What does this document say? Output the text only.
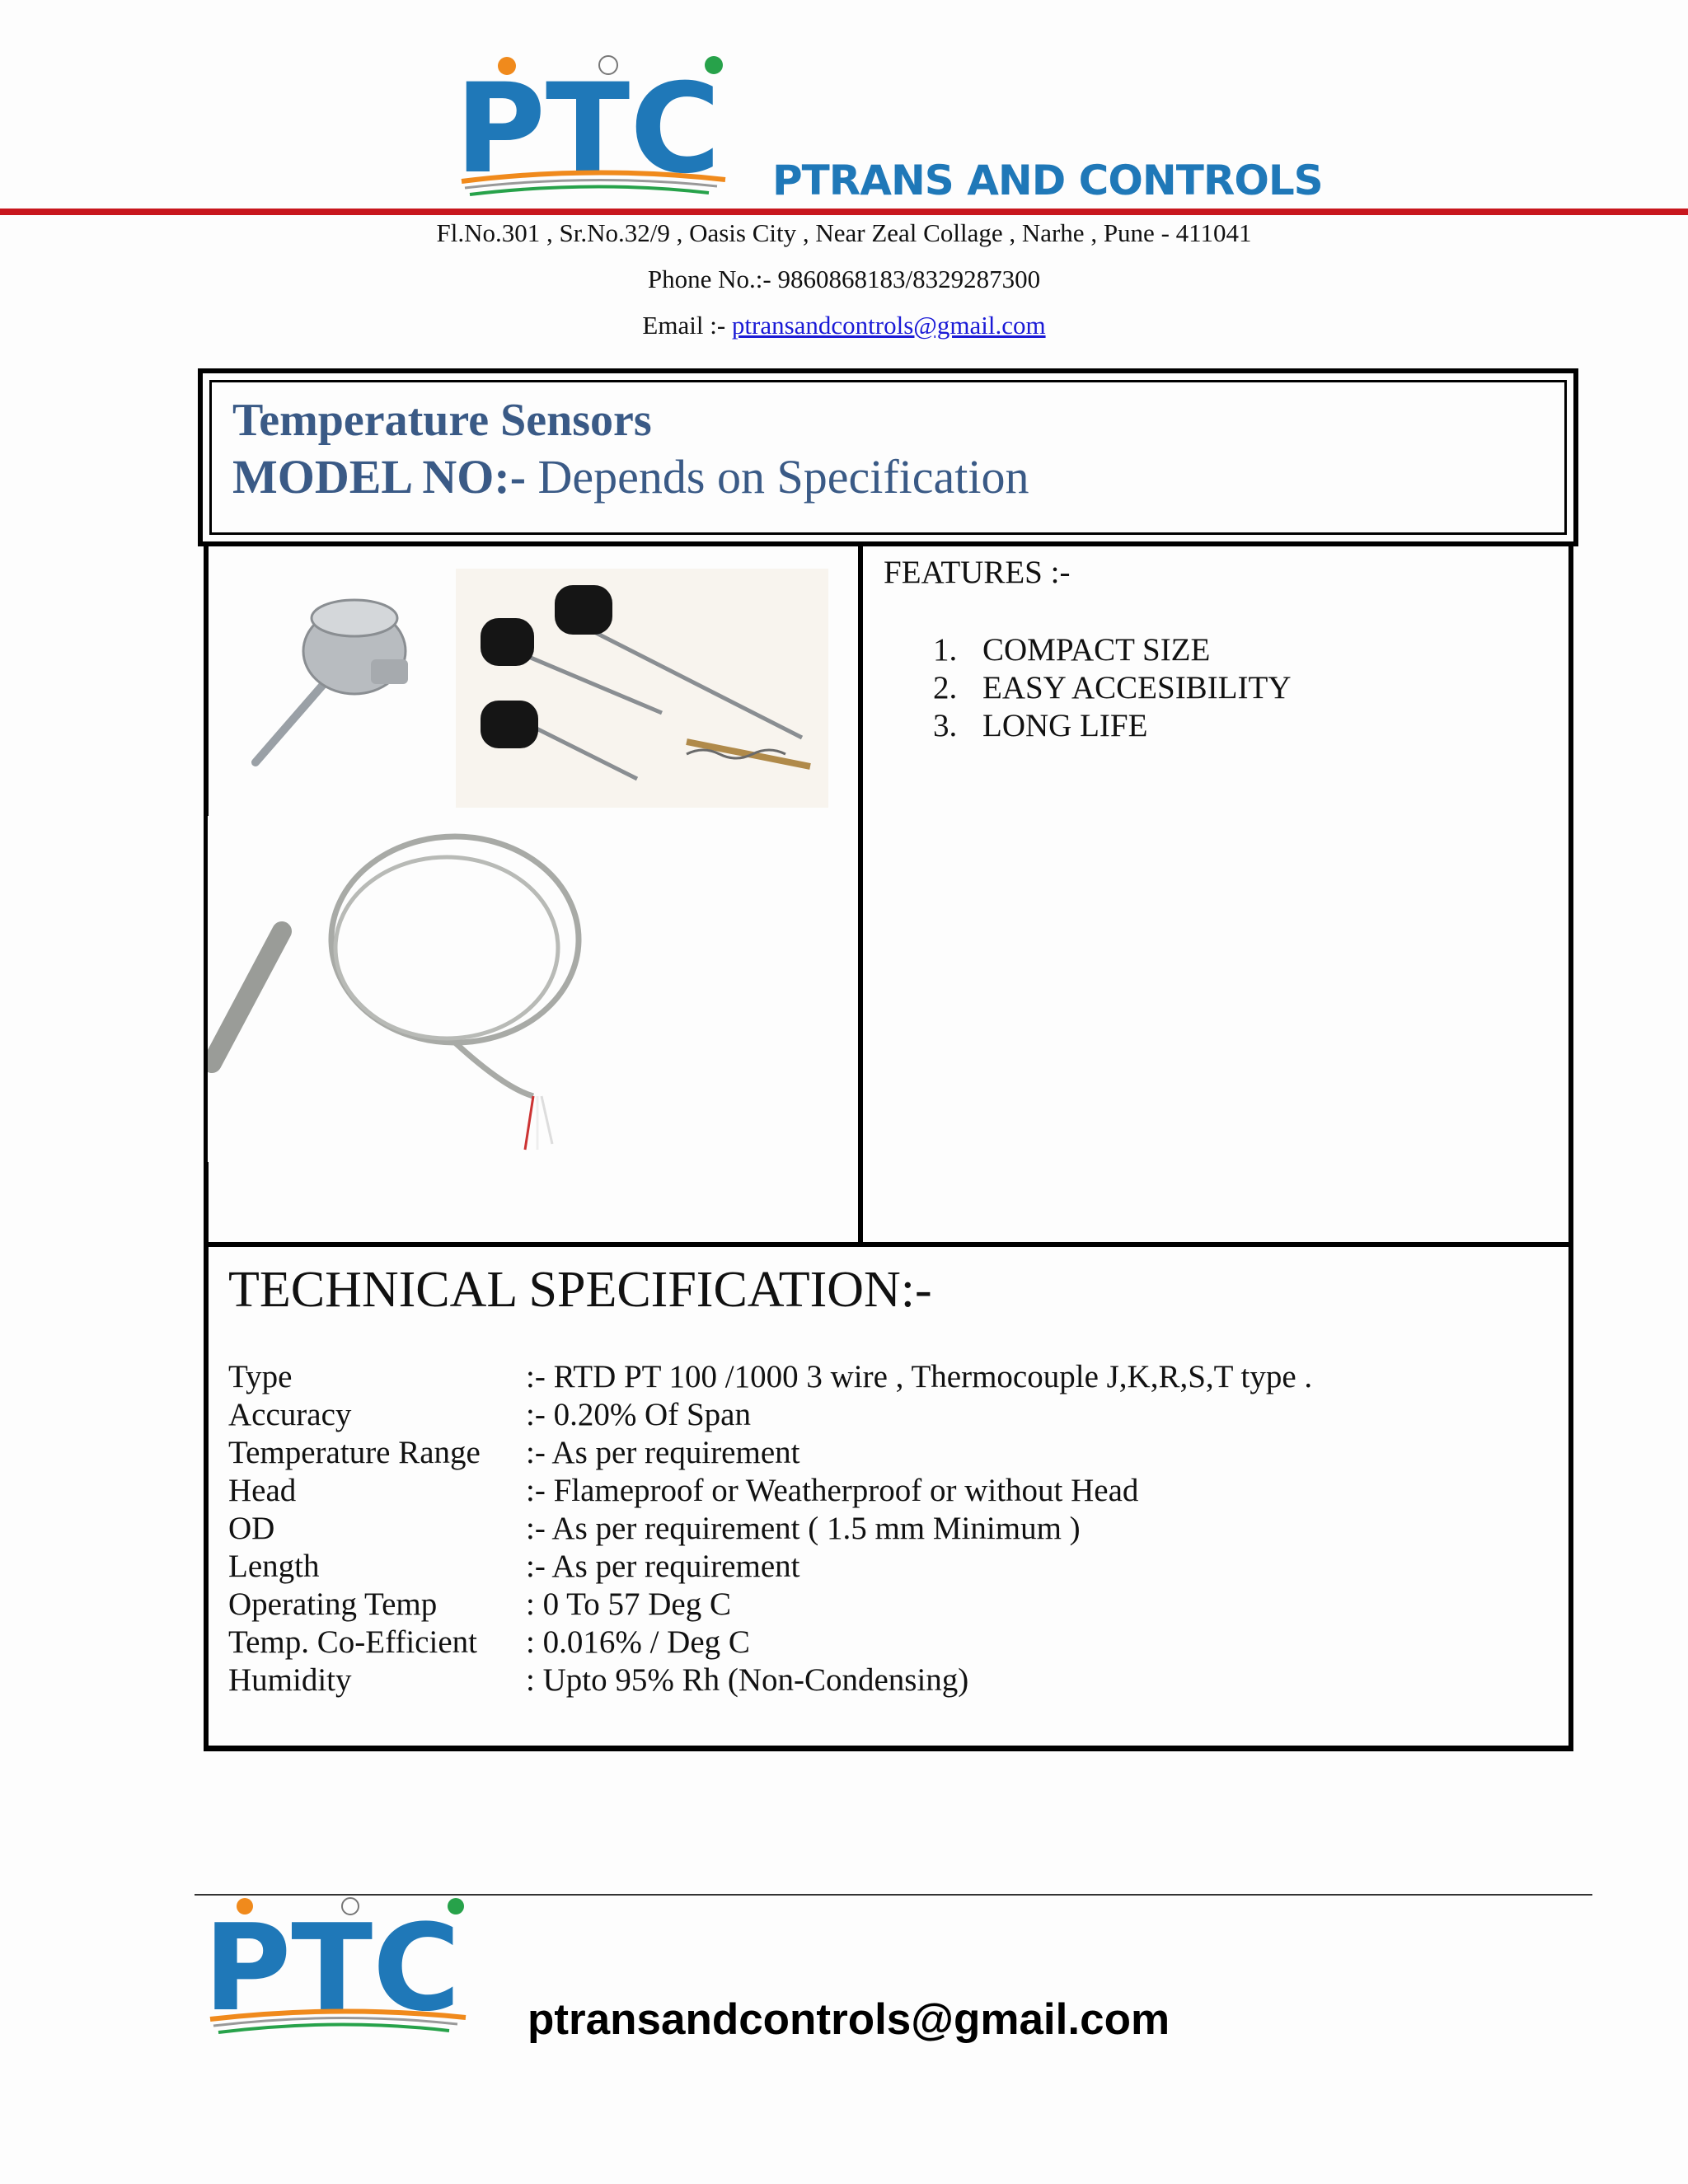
PTC PTRANS AND CONTROLS
Fl.No.301 , Sr.No.32/9 , Oasis City , Near Zeal Collage , Narhe , Pune - 411041
Phone No.:- 9860868183/8329287300
Email :- ptransandcontrols@gmail.com
Temperature Sensors
MODEL NO:- Depends on Specification
FEATURES :-
1. COMPACT SIZE
2. EASY ACCESIBILITY
3. LONG LIFE
TECHNICAL SPECIFICATION:-
Type	:- RTD PT 100 /1000 3 wire , Thermocouple J,K,R,S,T type .
Accuracy	:- 0.20% Of Span
Temperature Range :- As per requirement
Head	:- Flameproof or Weatherproof or without Head
OD	:- As per requirement ( 1.5 mm Minimum )
Length	:- As per requirement
Operating Temp	: 0 To 57 Deg C
Temp. Co-Efficient : 0.016% / Deg C
Humidity	: Upto 95% Rh (Non-Condensing)
PTC ptransandcontrols@gmail.com
